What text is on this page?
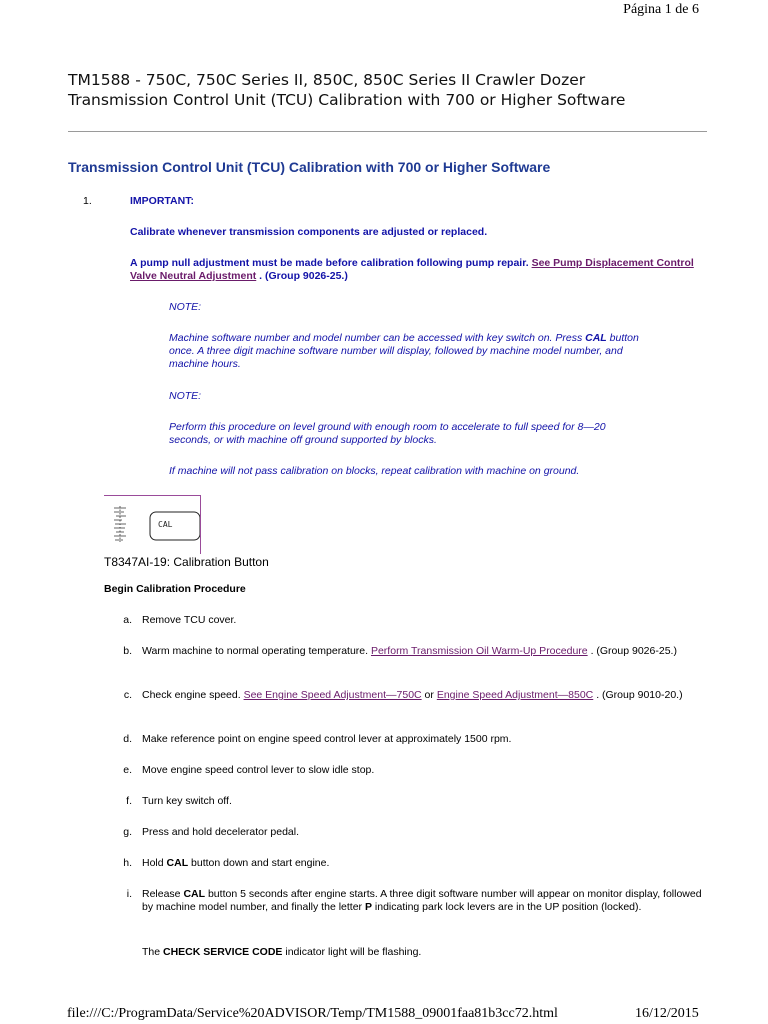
Página 1 de 6
TM1588 - 750C, 750C Series II, 850C, 850C Series II Crawler Dozer
Transmission Control Unit (TCU) Calibration with 700 or Higher Software
Transmission Control Unit (TCU) Calibration with 700 or Higher Software
1.	IMPORTANT:
Calibrate whenever transmission components are adjusted or replaced.
A pump null adjustment must be made before calibration following pump repair. See Pump Displacement Control Valve Neutral Adjustment . (Group 9026-25.)
NOTE:
Machine software number and model number can be accessed with key switch on. Press CAL button once. A three digit machine software number will display, followed by machine model number, and machine hours.
NOTE:
Perform this procedure on level ground with enough room to accelerate to full speed for 8—20 seconds, or with machine off ground supported by blocks.
If machine will not pass calibration on blocks, repeat calibration with machine on ground.
CAL
T8347AI-19: Calibration Button
Begin Calibration Procedure
a. Remove TCU cover.
b. Warm machine to normal operating temperature. Perform Transmission Oil Warm-Up Procedure . (Group 9026-25.)
c. Check engine speed. See Engine Speed Adjustment—750C or Engine Speed Adjustment—850C . (Group 9010-20.)
d. Make reference point on engine speed control lever at approximately 1500 rpm.
e. Move engine speed control lever to slow idle stop.
f. Turn key switch off.
g. Press and hold decelerator pedal.
h. Hold CAL button down and start engine.
i. Release CAL button 5 seconds after engine starts. A three digit software number will appear on monitor display, followed by machine model number, and finally the letter P indicating park lock levers are in the UP position (locked).
The CHECK SERVICE CODE indicator light will be flashing.
file:///C:/ProgramData/Service%20ADVISOR/Temp/TM1588_09001faa81b3cc72.html	16/12/2015
